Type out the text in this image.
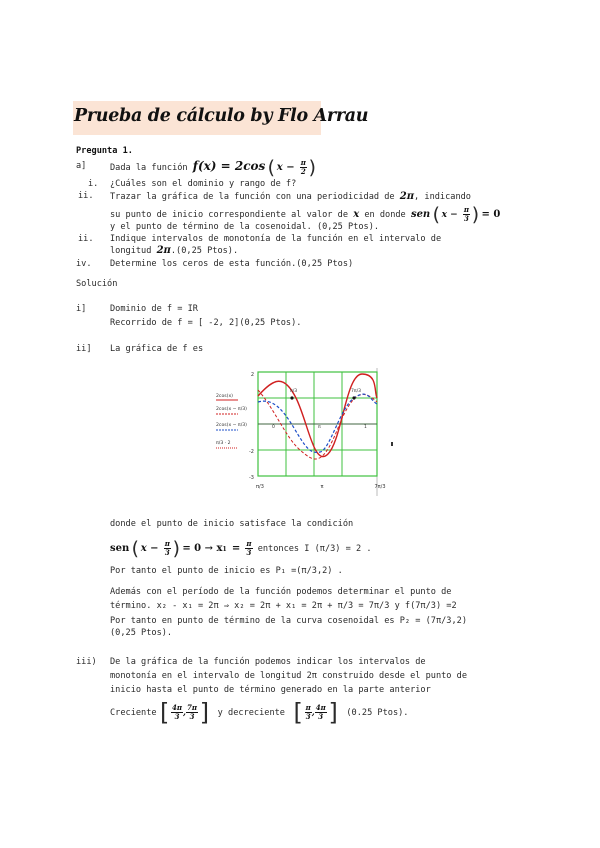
Prueba de cálculo by Flo Arrau
Pregunta 1.
a]	Dada la función $f(x) = 2\cos(x - \frac{\pi}{2}$ )
i. ¿Cuáles son el dominio y rango de f?
ii. Trazar la gráfica de la función con una periodicidad de 2π, indicando
su punto de inicio correspondiente al valor de x en donde $sen(x - \frac{\pi}{3}$ )= 0
y el punto de término de la cosenoidal. (0,25 Ptos).
ii. Indique intervalos de monotonía de la función en el intervalo de
longitud 2π.(0,25 Ptos).
iv. Determine los ceros de esta función.(0,25 Ptos)
Solución
i]	Dominio de f = IR
Recorrido de f = [ -2, 2](0,25 Ptos).
ii] La gráfica de f es
2
-2
-3
π/3
π
7π/3
0	1
2cos(x)
2cos(x − π/3)
2cos(x − π/3)
π/3 · 2
π/3	π	7π/3
donde el punto de inicio satisface la condición
$sen(x - \frac{\pi}{3}$ )= $0 \to x1 = \frac{\pi}{3}$ entonces I (π/3) = 2 .
Por tanto el punto de inicio es P₁ =(π/3,2) .
Además con el período de la función podemos determinar el punto de
término. x₂ - x₁ = 2π ⇒ x₂ = 2π + x₁ = 2π + π/3 = 7π/3 y f(7π/3) =2
Por tanto en punto de término de la curva cosenoidal es P₂ = (7π/3,2)
(0,25 Ptos).
iii) De la gráfica de la función podemos indicar los intervalos de
monotonía en el intervalo de longitud 2π construido desde el punto de
inicio hasta el punto de término generado en la parte anterior
Creciente[ $\frac{4\pi}{3}$ , $\frac{7\pi}{3}$ ] y decreciente [ $\frac{\pi}{3}$ , $\frac{4\pi}{3}$ ] (0.25 Ptos).
